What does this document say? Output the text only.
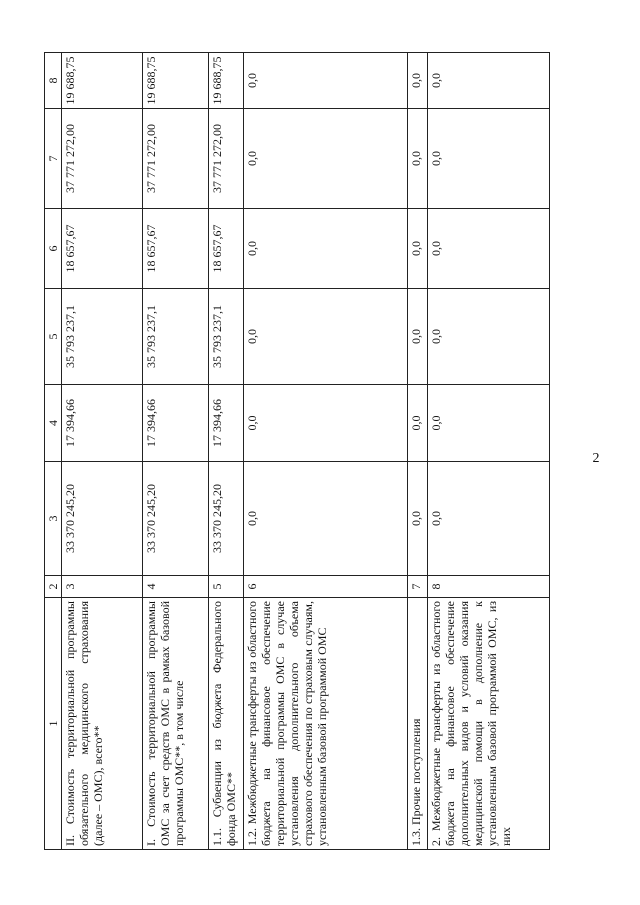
2
1	2	3	4	5	6	7	8
II. Стоимость территориальной программы обязательного медицинского страхования (далее – ОМС), всего**	3	33 370 245,20	17 394,66	35 793 237,1	18 657,67	37 771 272,00	19 688,75
I. Стоимость территориальной программы ОМС за счет средств ОМС в рамках базовой программы ОМС**, в том числе	4	33 370 245,20	17 394,66	35 793 237,1	18 657,67	37 771 272,00	19 688,75
1.1. Субвенции из бюджета Федерального фонда ОМС**	5	33 370 245,20	17 394,66	35 793 237,1	18 657,67	37 771 272,00	19 688,75
1.2. Межбюджетные трансферты из областного бюджета на финансовое обеспечение территориальной программы ОМС в случае установления дополнительного объема страхового обеспечения по страховым случаям, установленным базовой программой ОМС	6	0,0	0,0	0,0	0,0	0,0	0,0
1.3. Прочие поступления	7	0,0	0,0	0,0	0,0	0,0	0,0
2. Межбюджетные трансферты из областного бюджета на финансовое обеспечение дополнительных видов и условий оказания медицинской помощи в дополнение к установленным базовой программой ОМС, из них	8	0,0	0,0	0,0	0,0	0,0	0,0
